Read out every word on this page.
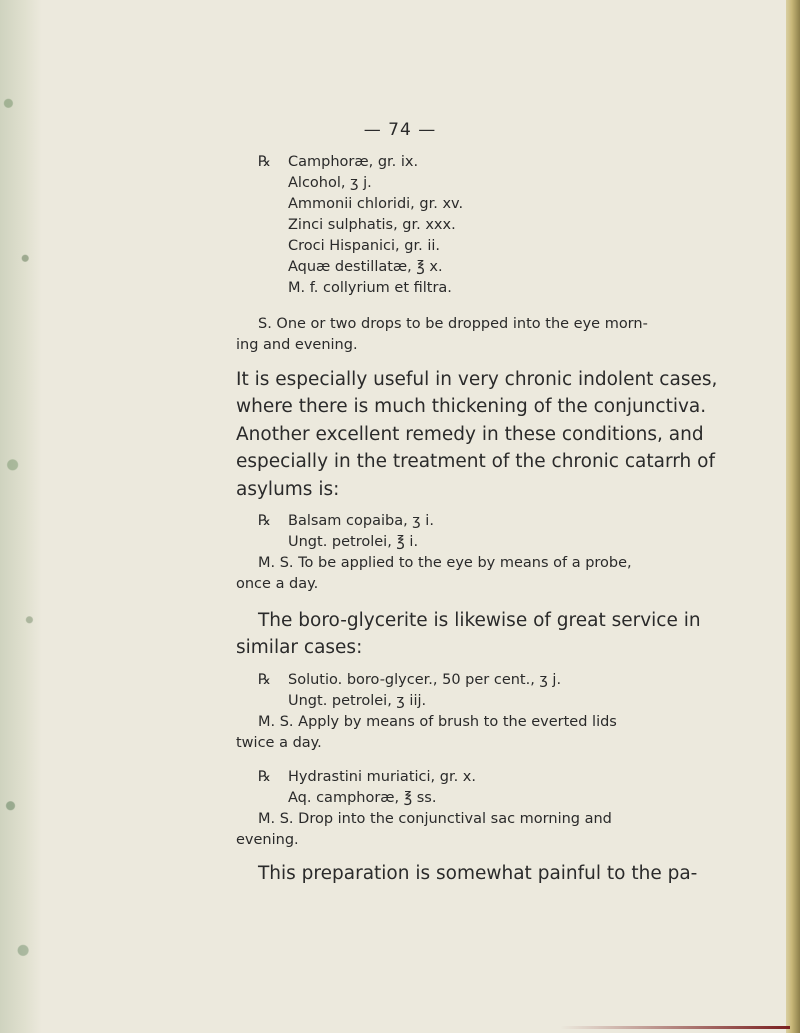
— 74 —
℞ Camphoræ, gr. ix.
Alcohol, ʒ j.
Ammonii chloridi, gr. xv.
Zinci sulphatis, gr. xxx.
Croci Hispanici, gr. ii.
Aquæ destillatæ, ℥ x.
M. f. collyrium et filtra.
S. One or two drops to be dropped into the eye morn-
ing and evening.
It is especially useful in very chronic indolent cases,
where there is much thickening of the conjunctiva.
Another excellent remedy in these conditions, and
especially in the treatment of the chronic catarrh of
asylums is:
℞ Balsam copaiba, ʒ i.
Ungt. petrolei, ℥ i.
M. S. To be applied to the eye by means of a probe,
once a day.
The boro-glycerite is likewise of great service in
similar cases:
℞ Solutio. boro-glycer., 50 per cent., ʒ j.
Ungt. petrolei, ʒ iij.
M. S. Apply by means of brush to the everted lids
twice a day.
℞ Hydrastini muriatici, gr. x.
Aq. camphoræ, ℥ ss.
M. S. Drop into the conjunctival sac morning and
evening.
This preparation is somewhat painful to the pa-
